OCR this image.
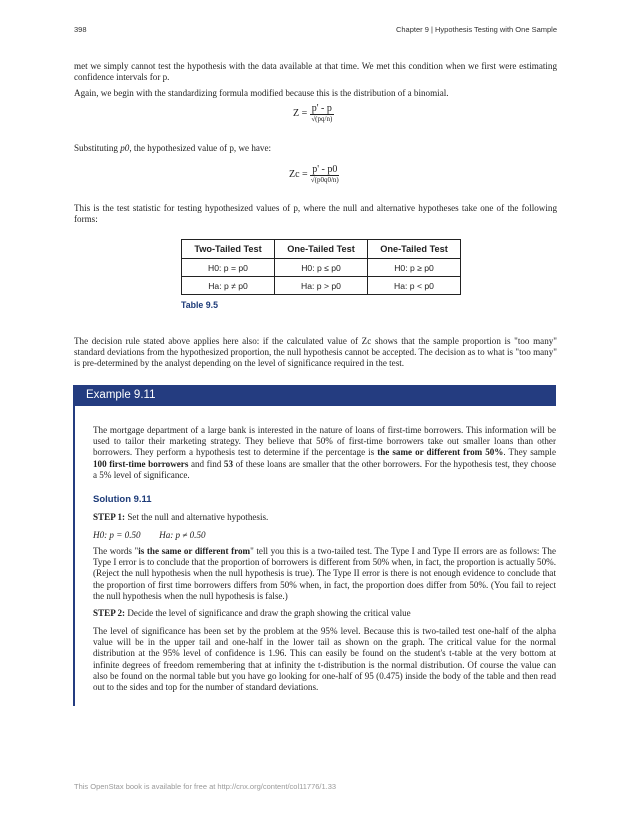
398	Chapter 9 | Hypothesis Testing with One Sample

met we simply cannot test the hypothesis with the data available at that time. We met this condition when we first were estimating confidence intervals for p.

Again, we begin with the standardizing formula modified because this is the distribution of a binomial.

$Z = \frac{p' - p}{√(pq/n)}$
Substituting p0, the hypothesized value of p, we have:
$Zc = \frac{p' - p0}{√(p0q0/n)}$

This is the test statistic for testing hypothesized values of p, where the null and alternative hypotheses take one of the following forms:

Two-Tailed Test	One-Tailed Test	One-Tailed Test
H0: p = p0	H0: p ≤ p0	H0: p ≥ p0
Ha: p ≠ p0	Ha: p > p0	Ha: p < p0
Table 9.5

The decision rule stated above applies here also: if the calculated value of Zc shows that the sample proportion is "too many" standard deviations from the hypothesized proportion, the null hypothesis cannot be accepted. The decision as to what is "too many" is pre-determined by the analyst depending on the level of significance required in the test.

Example 9.11
The mortgage department of a large bank is interested in the nature of loans of first-time borrowers. This information will be used to tailor their marketing strategy. They believe that 50% of first-time borrowers take out smaller loans than other borrowers. They perform a hypothesis test to determine if the percentage is the same or different from 50%. They sample 100 first-time borrowers and find 53 of these loans are smaller that the other borrowers. For the hypothesis test, they choose a 5% level of significance.
Solution 9.11
STEP 1: Set the null and alternative hypothesis.
H0: p = 0.50 Ha: p ≠ 0.50
The words "is the same or different from" tell you this is a two-tailed test. The Type I and Type II errors are as follows: The Type I error is to conclude that the proportion of borrowers is different from 50% when, in fact, the proportion is actually 50%. (Reject the null hypothesis when the null hypothesis is true). The Type II error is there is not enough evidence to conclude that the proportion of first time borrowers differs from 50% when, in fact, the proportion does differ from 50%. (You fail to reject the null hypothesis when the null hypothesis is false.)
STEP 2: Decide the level of significance and draw the graph showing the critical value

The level of significance has been set by the problem at the 95% level. Because this is two-tailed test one-half of the alpha value will be in the upper tail and one-half in the lower tail as shown on the graph. The critical value for the normal distribution at the 95% level of confidence is 1.96. This can easily be found on the student's t-table at the very bottom at infinite degrees of freedom remembering that at infinity the t-distribution is the normal distribution. Of course the value can also be found on the normal table but you have go looking for one-half of 95 (0.475) inside the body of the table and then read out to the sides and top for the number of standard deviations.

This OpenStax book is available for free at http://cnx.org/content/col11776/1.33
